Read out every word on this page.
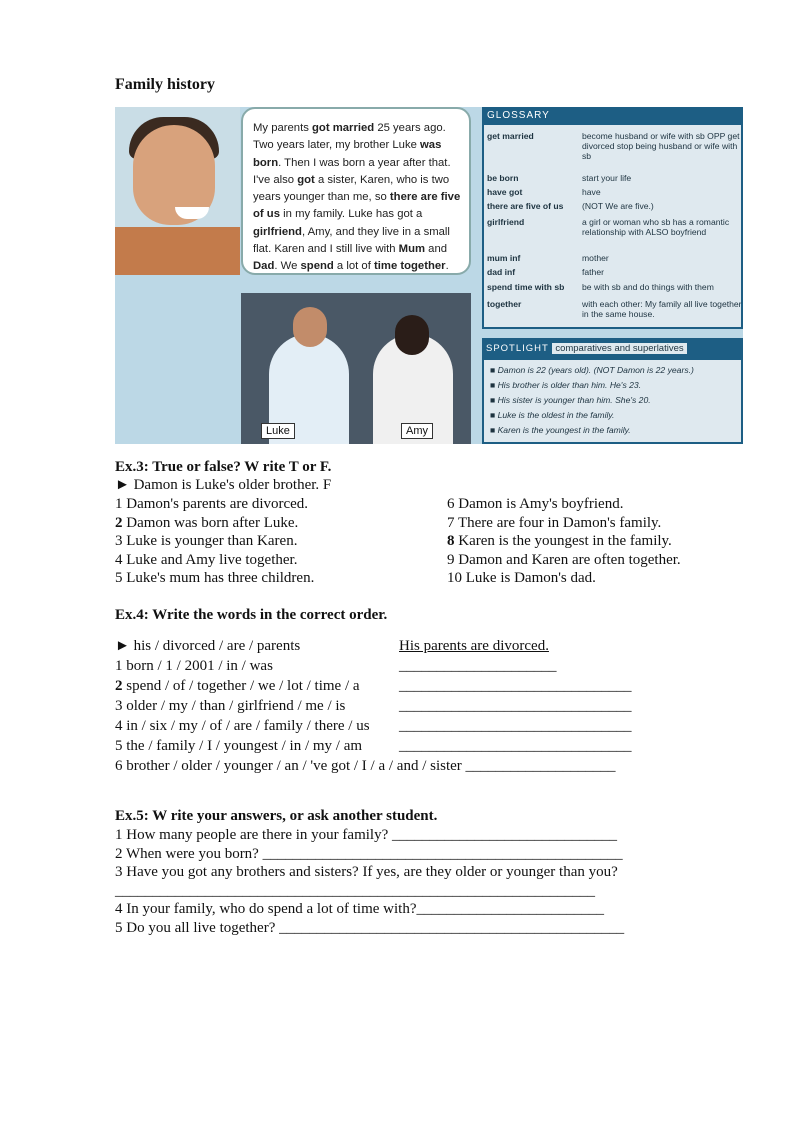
Family history
My parents got married 25 years ago. Two years later, my brother Luke was born. Then I was born a year after that. I've also got a sister, Karen, who is two years younger than me, so there are five of us in my family. Luke has got a girlfriend, Amy, and they live in a small flat. Karen and I still live with Mum and Dad. We spend a lot of time together.
Luke	Amy
GLOSSARY
get married	become husband or wife with sb OPP get divorced stop being husband or wife with sb
be born	start your life
have got	have
there are five of us	(NOT We are five.)
girlfriend	a girl or woman who sb has a romantic relationship with ALSO boyfriend
mum inf	mother
dad inf	father
spend time with sb	be with sb and do things with them
together	with each other: My family all live together in the same house.
SPOTLIGHT comparatives and superlatives
■ Damon is 22 (years old). (NOT Damon is 22 years.)
■ His brother is older than him. He's 23.
■ His sister is younger than him. She's 20.
■ Luke is the oldest in the family.
■ Karen is the youngest in the family.
Ex.3: True or false? W rite T or F.
► Damon is Luke's older brother. F
1 Damon's parents are divorced.
2 Damon was born after Luke.
3 Luke is younger than Karen.
4 Luke and Amy live together.
5 Luke's mum has three children.
6 Damon is Amy's boyfriend.
7 There are four in Damon's family.
8 Karen is the youngest in the family.
9 Damon and Karen are often together.
10 Luke is Damon's dad.
Ex.4: Write the words in the correct order.
► his / divorced / are / parents	His parents are divorced.
1 born / 1 / 2001 / in / was	_____________________
2 spend / of / together / we / lot / time / a	_______________________________
3 older / my / than / girlfriend / me / is	_______________________________
4 in / six / my / of / are / family / there / us _______________________________
5 the / family / I / youngest / in / my / am _______________________________
6 brother / older / younger / an / 've got / I / a / and / sister ____________________
Ex.5: W rite your answers, or ask another student.
1 How many people are there in your family? ______________________________
2 When were you born? ________________________________________________
3 Have you got any brothers and sisters? If yes, are they older or younger than you?
________________________________________________________________
4 In your family, who do spend a lot of time with?_________________________
5 Do you all live together? ______________________________________________
